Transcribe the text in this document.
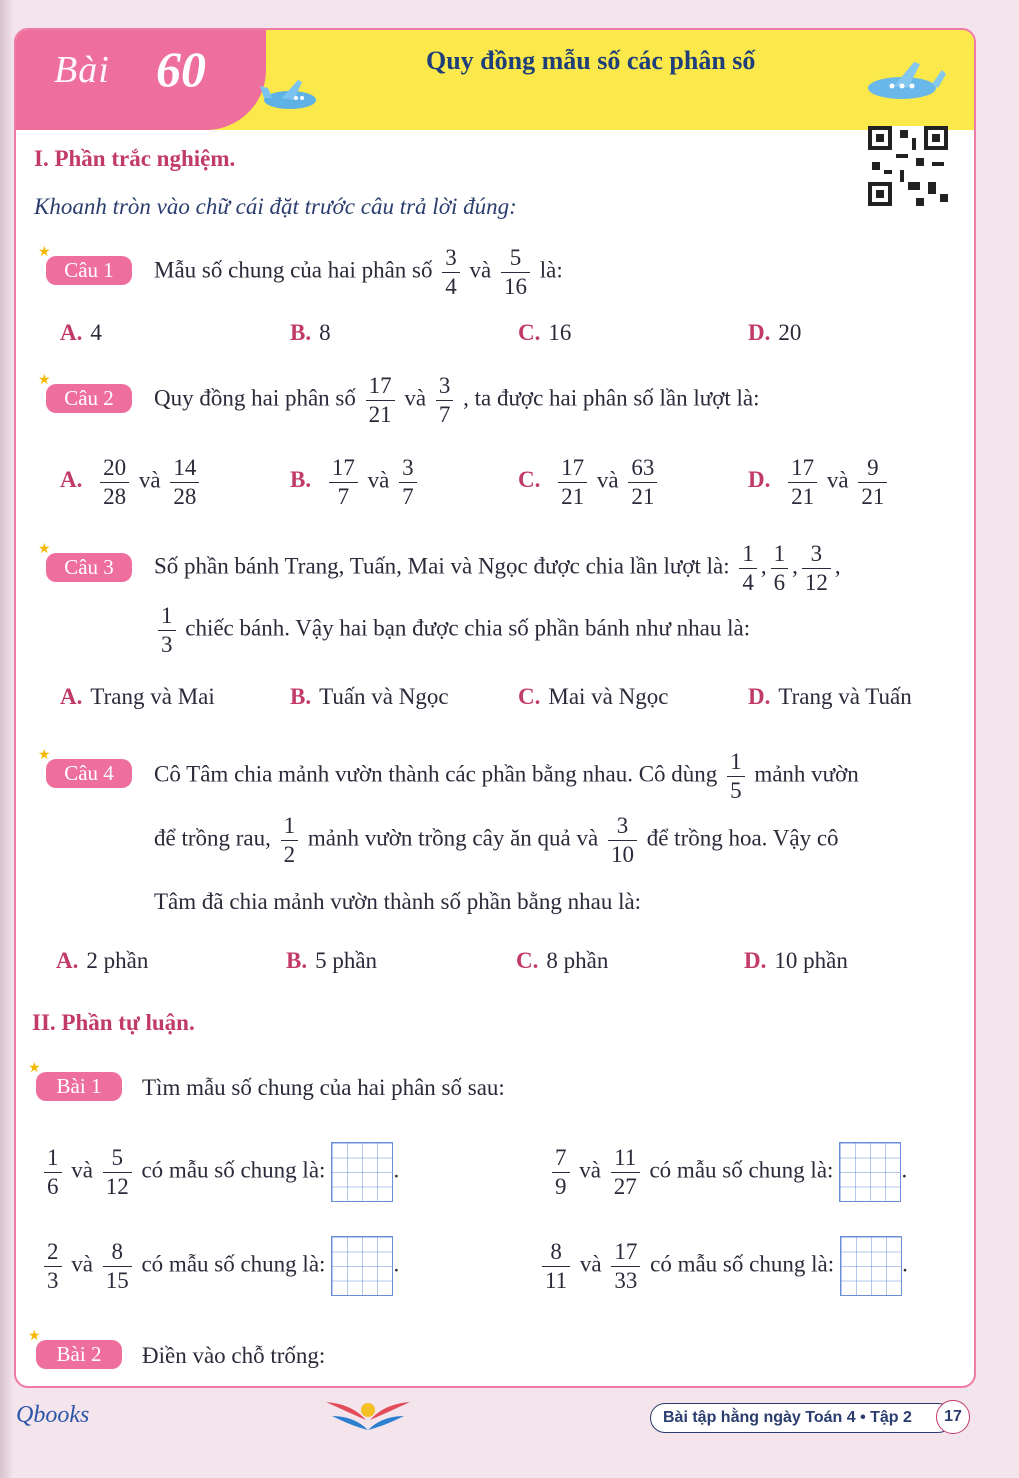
Bài 60	Quy đồng mẫu số các phân số
I. Phần trắc nghiệm.
Khoanh tròn vào chữ cái đặt trước câu trả lời đúng:
★
Câu 1	Mẫu số chung của hai phân số $\frac{3}{4}$ và $\frac{5}{16}$ là:
A. 4	B. 8	C. 16	D. 20
★
Câu 2	Quy đồng hai phân số $\frac{17}{21}$ và $\frac{3}{7}$ , ta được hai phân số lần lượt là:
A. $\frac{20}{28}$ và $\frac{14}{28}$	B. $\frac{17}{7}$ và $\frac{3}{7}$	C. $\frac{17}{21}$ và $\frac{63}{21}$	D. $\frac{17}{21}$ và $\frac{9}{21}$
★
Câu 3	Số phần bánh Trang, Tuấn, Mai và Ngọc được chia lần lượt là: $\frac{1}{4}$ , $\frac{1}{6}$ , $\frac{3}{12}$ ,
$\frac{1}{3}$ chiếc bánh. Vậy hai bạn được chia số phần bánh như nhau là:
A. Trang và Mai	B. Tuấn và Ngọc	C. Mai và Ngọc	D. Trang và Tuấn
★
Câu 4	Cô Tâm chia mảnh vườn thành các phần bằng nhau. Cô dùng $\frac{1}{5}$ mảnh vườn
để trồng rau, $\frac{1}{2}$ mảnh vườn trồng cây ăn quả và $\frac{3}{10}$ để trồng hoa. Vậy cô
Tâm đã chia mảnh vườn thành số phần bằng nhau là:
A. 2 phần	B. 5 phần	C. 8 phần	D. 10 phần
II. Phần tự luận.
★
Bài 1	Tìm mẫu số chung của hai phân số sau:
$\frac{1}{6}$ và $\frac{5}{12}$ có mẫu số chung là:	.	$\frac{7}{9}$ và $\frac{11}{27}$ có mẫu số chung là:	.
$\frac{2}{3}$ và $\frac{8}{15}$ có mẫu số chung là:	.	$\frac{8}{11}$ và $\frac{17}{33}$ có mẫu số chung là:	.
★
Bài 2	Điền vào chỗ trống:
Qbooks	Bài tập hằng ngày Toán 4 • Tập 2	17
